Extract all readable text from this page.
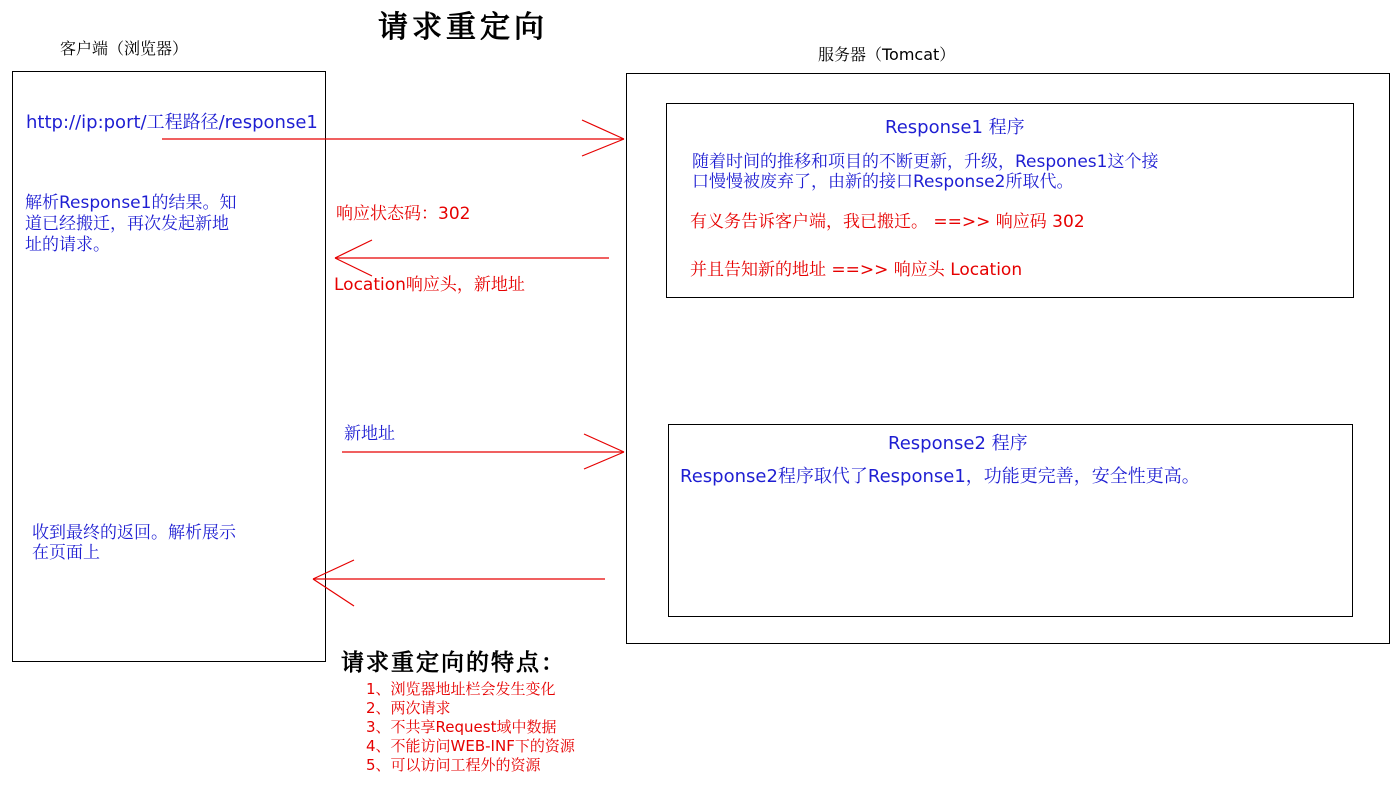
请求重定向
客户端（浏览器）	服务器（Tomcat）
http://ip:port/工程路径/response1
解析Response1的结果。知
道已经搬迁，再次发起新地
址的请求。
收到最终的返回。解析展示
在页面上
响应状态码：302
Location响应头，新地址
新地址
Response1 程序
随着时间的推移和项目的不断更新，升级，Respones1这个接
口慢慢被废弃了，由新的接口Response2所取代。
有义务告诉客户端，我已搬迁。 ==>> 响应码 302
并且告知新的地址 ==>> 响应头 Location
Response2 程序
Response2程序取代了Response1，功能更完善，安全性更高。
请求重定向的特点：
1、浏览器地址栏会发生变化
2、两次请求
3、不共享Request域中数据
4、不能访问WEB-INF下的资源
5、可以访问工程外的资源
